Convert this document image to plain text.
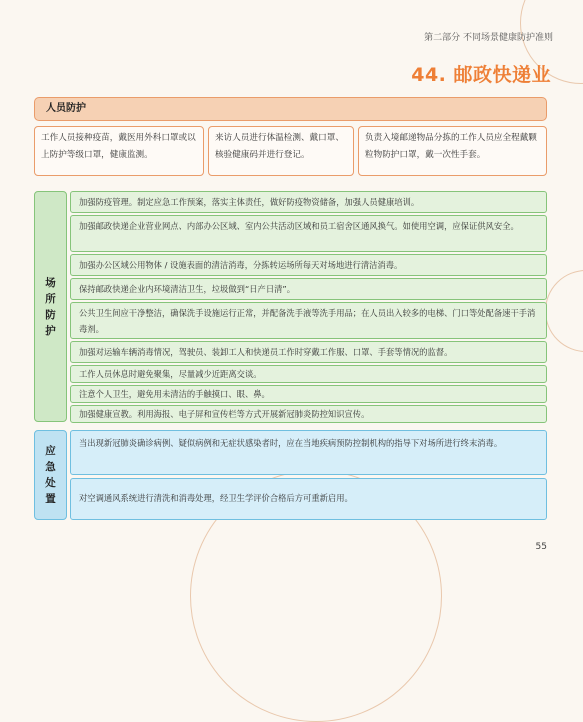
第二部分 不同场景健康防护准则
44. 邮政快递业
人员防护
工作人员接种疫苗，戴医用外科口罩或以上防护等级口罩，健康监测。
来访人员进行体温检测、戴口罩、核验健康码并进行登记。
负责入境邮递物品分拣的工作人员应全程戴颗粒物防护口罩，戴一次性手套。
场所防护
加强防疫管理。制定应急工作预案，落实主体责任，做好防疫物资储备，加强人员健康培训。
加强邮政快递企业营业网点、内部办公区域、室内公共活动区域和员工宿舍区通风换气。如使用空调，应保证供风安全。
加强办公区域公用物体 / 设施表面的清洁消毒，分拣转运场所每天对场地进行清洁消毒。
保持邮政快递企业内环境清洁卫生，垃圾做到“日产日清”。
公共卫生间应干净整洁，确保洗手设施运行正常，并配备洗手液等洗手用品；在人员出入较多的电梯、门口等处配备速干手消毒剂。
加强对运输车辆消毒情况，驾驶员、装卸工人和快递员工作时穿戴工作服、口罩、手套等情况的监督。
工作人员休息时避免聚集，尽量减少近距离交谈。
注意个人卫生，避免用未清洁的手触摸口、眼、鼻。
加强健康宣教。利用海报、电子屏和宣传栏等方式开展新冠肺炎防控知识宣传。
应急处置
当出现新冠肺炎确诊病例、疑似病例和无症状感染者时，应在当地疾病预防控制机构的指导下对场所进行终末消毒。
对空调通风系统进行清洗和消毒处理，经卫生学评价合格后方可重新启用。
55
